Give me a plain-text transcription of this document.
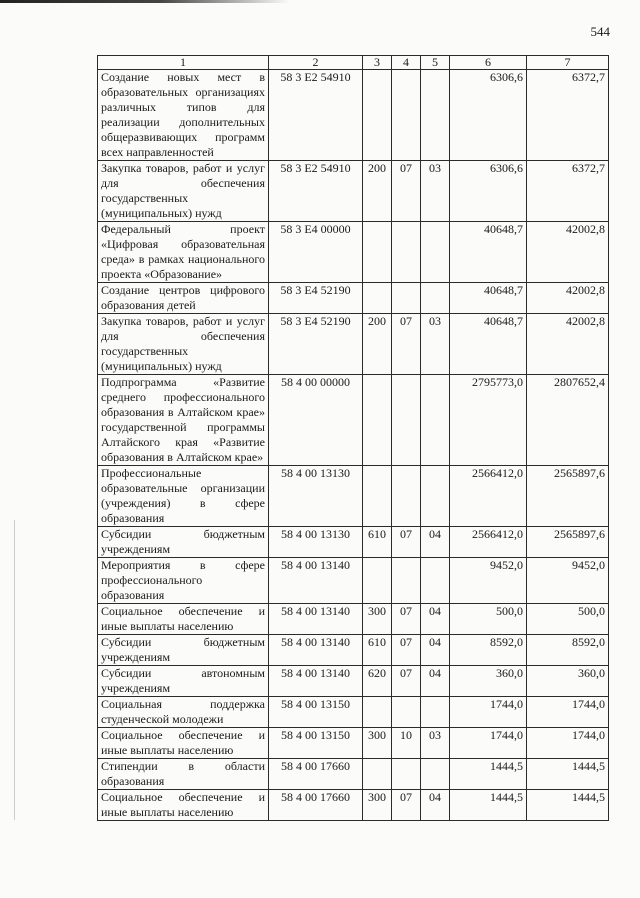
544
1	2	3	4	5	6	7
Создание новых мест в образовательных организациях различных типов для реализации дополнительных общеразвивающих программ всех направленностей	58 3 E2 54910				6306,6	6372,7
Закупка товаров, работ и услуг для обеспечения государственных (муниципальных) нужд	58 3 E2 54910	200	07	03	6306,6	6372,7
Федеральный проект «Цифровая образовательная среда» в рамках национального проекта «Образование»	58 3 E4 00000				40648,7	42002,8
Создание центров цифрового образования детей	58 3 E4 52190				40648,7	42002,8
Закупка товаров, работ и услуг для обеспечения государственных (муниципальных) нужд	58 3 E4 52190	200	07	03	40648,7	42002,8
Подпрограмма «Развитие среднего профессионального образования в Алтайском крае» государственной программы Алтайского края «Развитие образования в Алтайском крае»	58 4 00 00000				2795773,0	2807652,4
Профессиональные образовательные организации (учреждения) в сфере образования	58 4 00 13130				2566412,0	2565897,6
Субсидии бюджетным учреждениям	58 4 00 13130	610	07	04	2566412,0	2565897,6
Мероприятия в сфере профессионального образования	58 4 00 13140				9452,0	9452,0
Социальное обеспечение и иные выплаты населению	58 4 00 13140	300	07	04	500,0	500,0
Субсидии бюджетным учреждениям	58 4 00 13140	610	07	04	8592,0	8592,0
Субсидии автономным учреждениям	58 4 00 13140	620	07	04	360,0	360,0
Социальная поддержка студенческой молодежи	58 4 00 13150				1744,0	1744,0
Социальное обеспечение и иные выплаты населению	58 4 00 13150	300	10	03	1744,0	1744,0
Стипендии в области образования	58 4 00 17660				1444,5	1444,5
Социальное обеспечение и иные выплаты населению	58 4 00 17660	300	07	04	1444,5	1444,5
